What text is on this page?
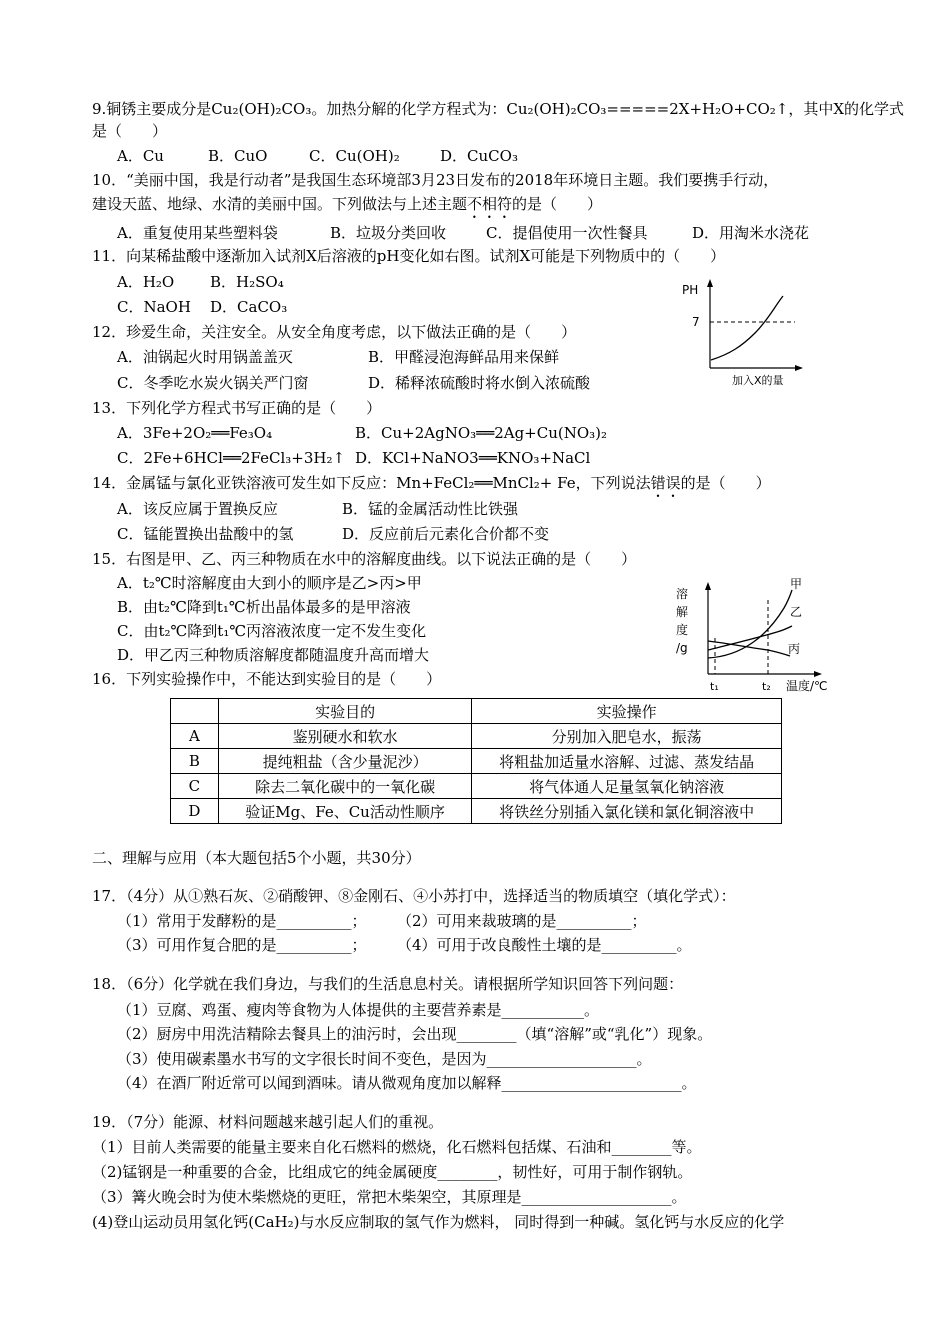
9.铜锈主要成分是Cu₂(OH)₂CO₃。加热分解的化学方程式为：Cu₂(OH)₂CO₃=====2X+H₂O+CO₂↑，其中X的化学式
是（　　）
A．Cu	B．CuO	C．Cu(OH)₂	D．CuCO₃
10．“美丽中国，我是行动者”是我国生态环境部3月23日发布的2018年环境日主题。我们要携手行动，
建设天蓝、地绿、水清的美丽中国。下列做法与上述主题不相符的是（　　）
A．重复使用某些塑料袋	B．垃圾分类回收	C．提倡使用一次性餐具	D．用淘米水浇花
11．向某稀盐酸中逐渐加入试剂X后溶液的pH变化如右图。试剂X可能是下列物质中的（　　）
A．H₂O B．H₂SO₄
C．NaOH D．CaCO₃
PH
7
加入X的量
12．珍爱生命，关注安全。从安全角度考虑，以下做法正确的是（　　）
A．油锅起火时用锅盖盖灭	B．甲醛浸泡海鲜品用来保鲜
C．冬季吃水炭火锅关严门窗	D．稀释浓硫酸时将水倒入浓硫酸
13．下列化学方程式书写正确的是（　　）
A．3Fe+2O₂══Fe₃O₄	B．Cu+2AgNO₃══2Ag+Cu(NO₃)₂
C．2Fe+6HCl══2FeCl₃+3H₂↑ D．KCl+NaNO3══KNO₃+NaCl
14．金属锰与氯化亚铁溶液可发生如下反应：Mn+FeCl₂══MnCl₂+ Fe，下列说法错误的是（　　）
A．该反应属于置换反应	B．锰的金属活动性比铁强
C．锰能置换出盐酸中的氢	D．反应前后元素化合价都不变
15．右图是甲、乙、丙三种物质在水中的溶解度曲线。以下说法正确的是（　　）
A．t₂℃时溶解度由大到小的顺序是乙>丙>甲
B．由t₂℃降到t₁℃析出晶体最多的是甲溶液
C．由t₂℃降到t₁℃丙溶液浓度一定不发生变化
D．甲乙丙三种物质溶解度都随温度升高而增大
溶
解
度
/g
甲
乙
丙
t₁	t₂ 温度/℃
16．下列实验操作中，不能达到实验目的是（　　）
	实验目的	实验操作
A	鉴别硬水和软水	分别加入肥皂水，振荡
B	提纯粗盐（含少量泥沙）	将粗盐加适量水溶解、过滤、蒸发结晶
C	除去二氧化碳中的一氧化碳	将气体通人足量氢氧化钠溶液
D	验证Mg、Fe、Cu活动性顺序	将铁丝分别插入氯化镁和氯化铜溶液中
二、理解与应用（本大题包括5个小题，共30分）
17．（4分）从①熟石灰、②硝酸钾、⑧金刚石、④小苏打中，选择适当的物质填空（填化学式）：
（1）常用于发酵粉的是__________； （2）可用来裁玻璃的是__________；
（3）可用作复合肥的是__________； （4）可用于改良酸性土壤的是__________。
18．（6分）化学就在我们身边，与我们的生活息息村关。请根据所学知识回答下列问题：
（1）豆腐、鸡蛋、瘦肉等食物为人体提供的主要营养素是___________。
（2）厨房中用洗洁精除去餐具上的油污时，会出现________（填“溶解”或“乳化”）现象。
（3）使用碳素墨水书写的文字很长时间不变色，是因为____________________。
（4）在酒厂附近常可以闻到酒味。请从微观角度加以解释________________________。
19．（7分）能源、材料问题越来越引起人们的重视。
（1）目前人类需要的能量主要来自化石燃料的燃烧，化石燃料包括煤、石油和________等。
（2)锰钢是一种重要的合金，比组成它的纯金属硬度________，韧性好，可用于制作钢轨。
（3）篝火晚会时为使木柴燃烧的更旺，常把木柴架空，其原理是____________________。
(4)登山运动员用氢化钙(CaH₂)与水反应制取的氢气作为燃料， 同时得到一种碱。氢化钙与水反应的化学
